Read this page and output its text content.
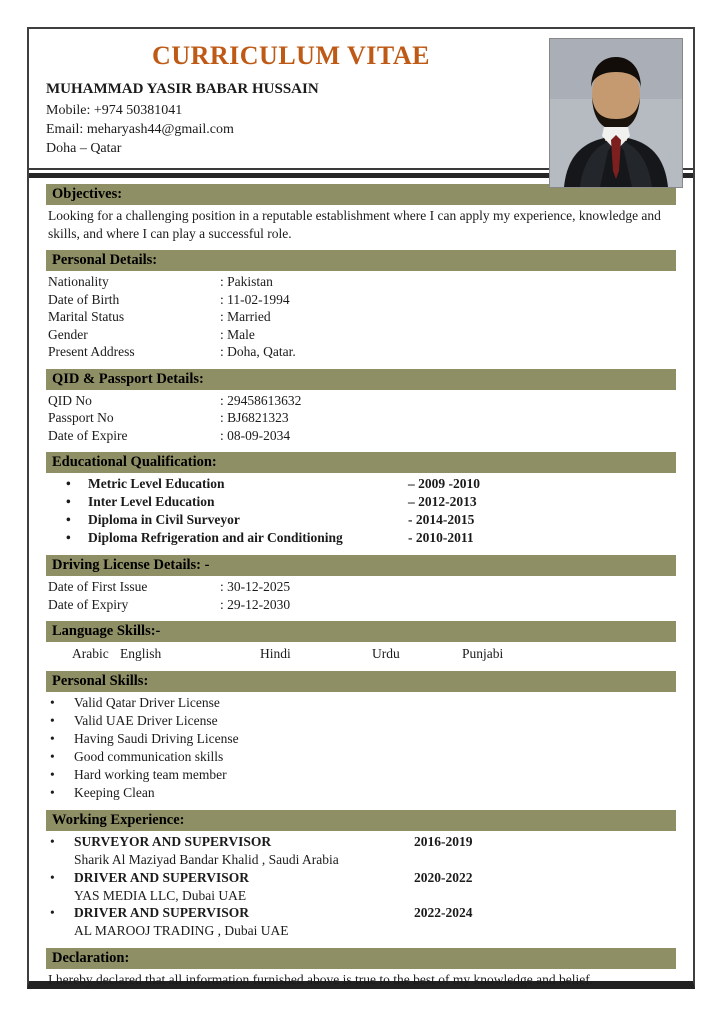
CURRICULUM VITAE
MUHAMMAD YASIR BABAR HUSSAIN
Mobile: +974 50381041
Email: meharyash44@gmail.com
Doha – Qatar
Objectives:
Looking for a challenging position in a reputable establishment where I can apply my experience, knowledge and skills, and where I can play a successful role.
Personal Details:
Nationality	: Pakistan
Date of Birth	: 11-02-1994
Marital Status	: Married
Gender	: Male
Present Address	: Doha, Qatar.
QID & Passport Details:
QID No	: 29458613632
Passport No	: BJ6821323
Date of Expire	: 08-09-2034
Educational Qualification:
•	Metric Level Education	– 2009 -2010
•	Inter Level Education	– 2012-2013
•	Diploma in Civil Surveyor	- 2014-2015
•	Diploma Refrigeration and air Conditioning	- 2010-2011
Driving License Details: -
Date of First Issue	: 30-12-2025
Date of Expiry	: 29-12-2030
Language Skills:-
Arabic English	Hindi	Urdu	Punjabi
Personal Skills:
•	Valid Qatar Driver License
•	Valid UAE Driver License
•	Having Saudi Driving License
•	Good communication skills
•	Hard working team member
•	Keeping Clean
Working Experience:
•	SURVEYOR AND SUPERVISOR	2016-2019
Sharik Al Maziyad Bandar Khalid , Saudi Arabia
•	DRIVER AND SUPERVISOR	2020-2022
YAS MEDIA LLC, Dubai UAE
•	DRIVER AND SUPERVISOR	2022-2024
AL MAROOJ TRADING , Dubai UAE
Declaration:
I hereby declared that all information furnished above is true to the best of my knowledge and belief.
